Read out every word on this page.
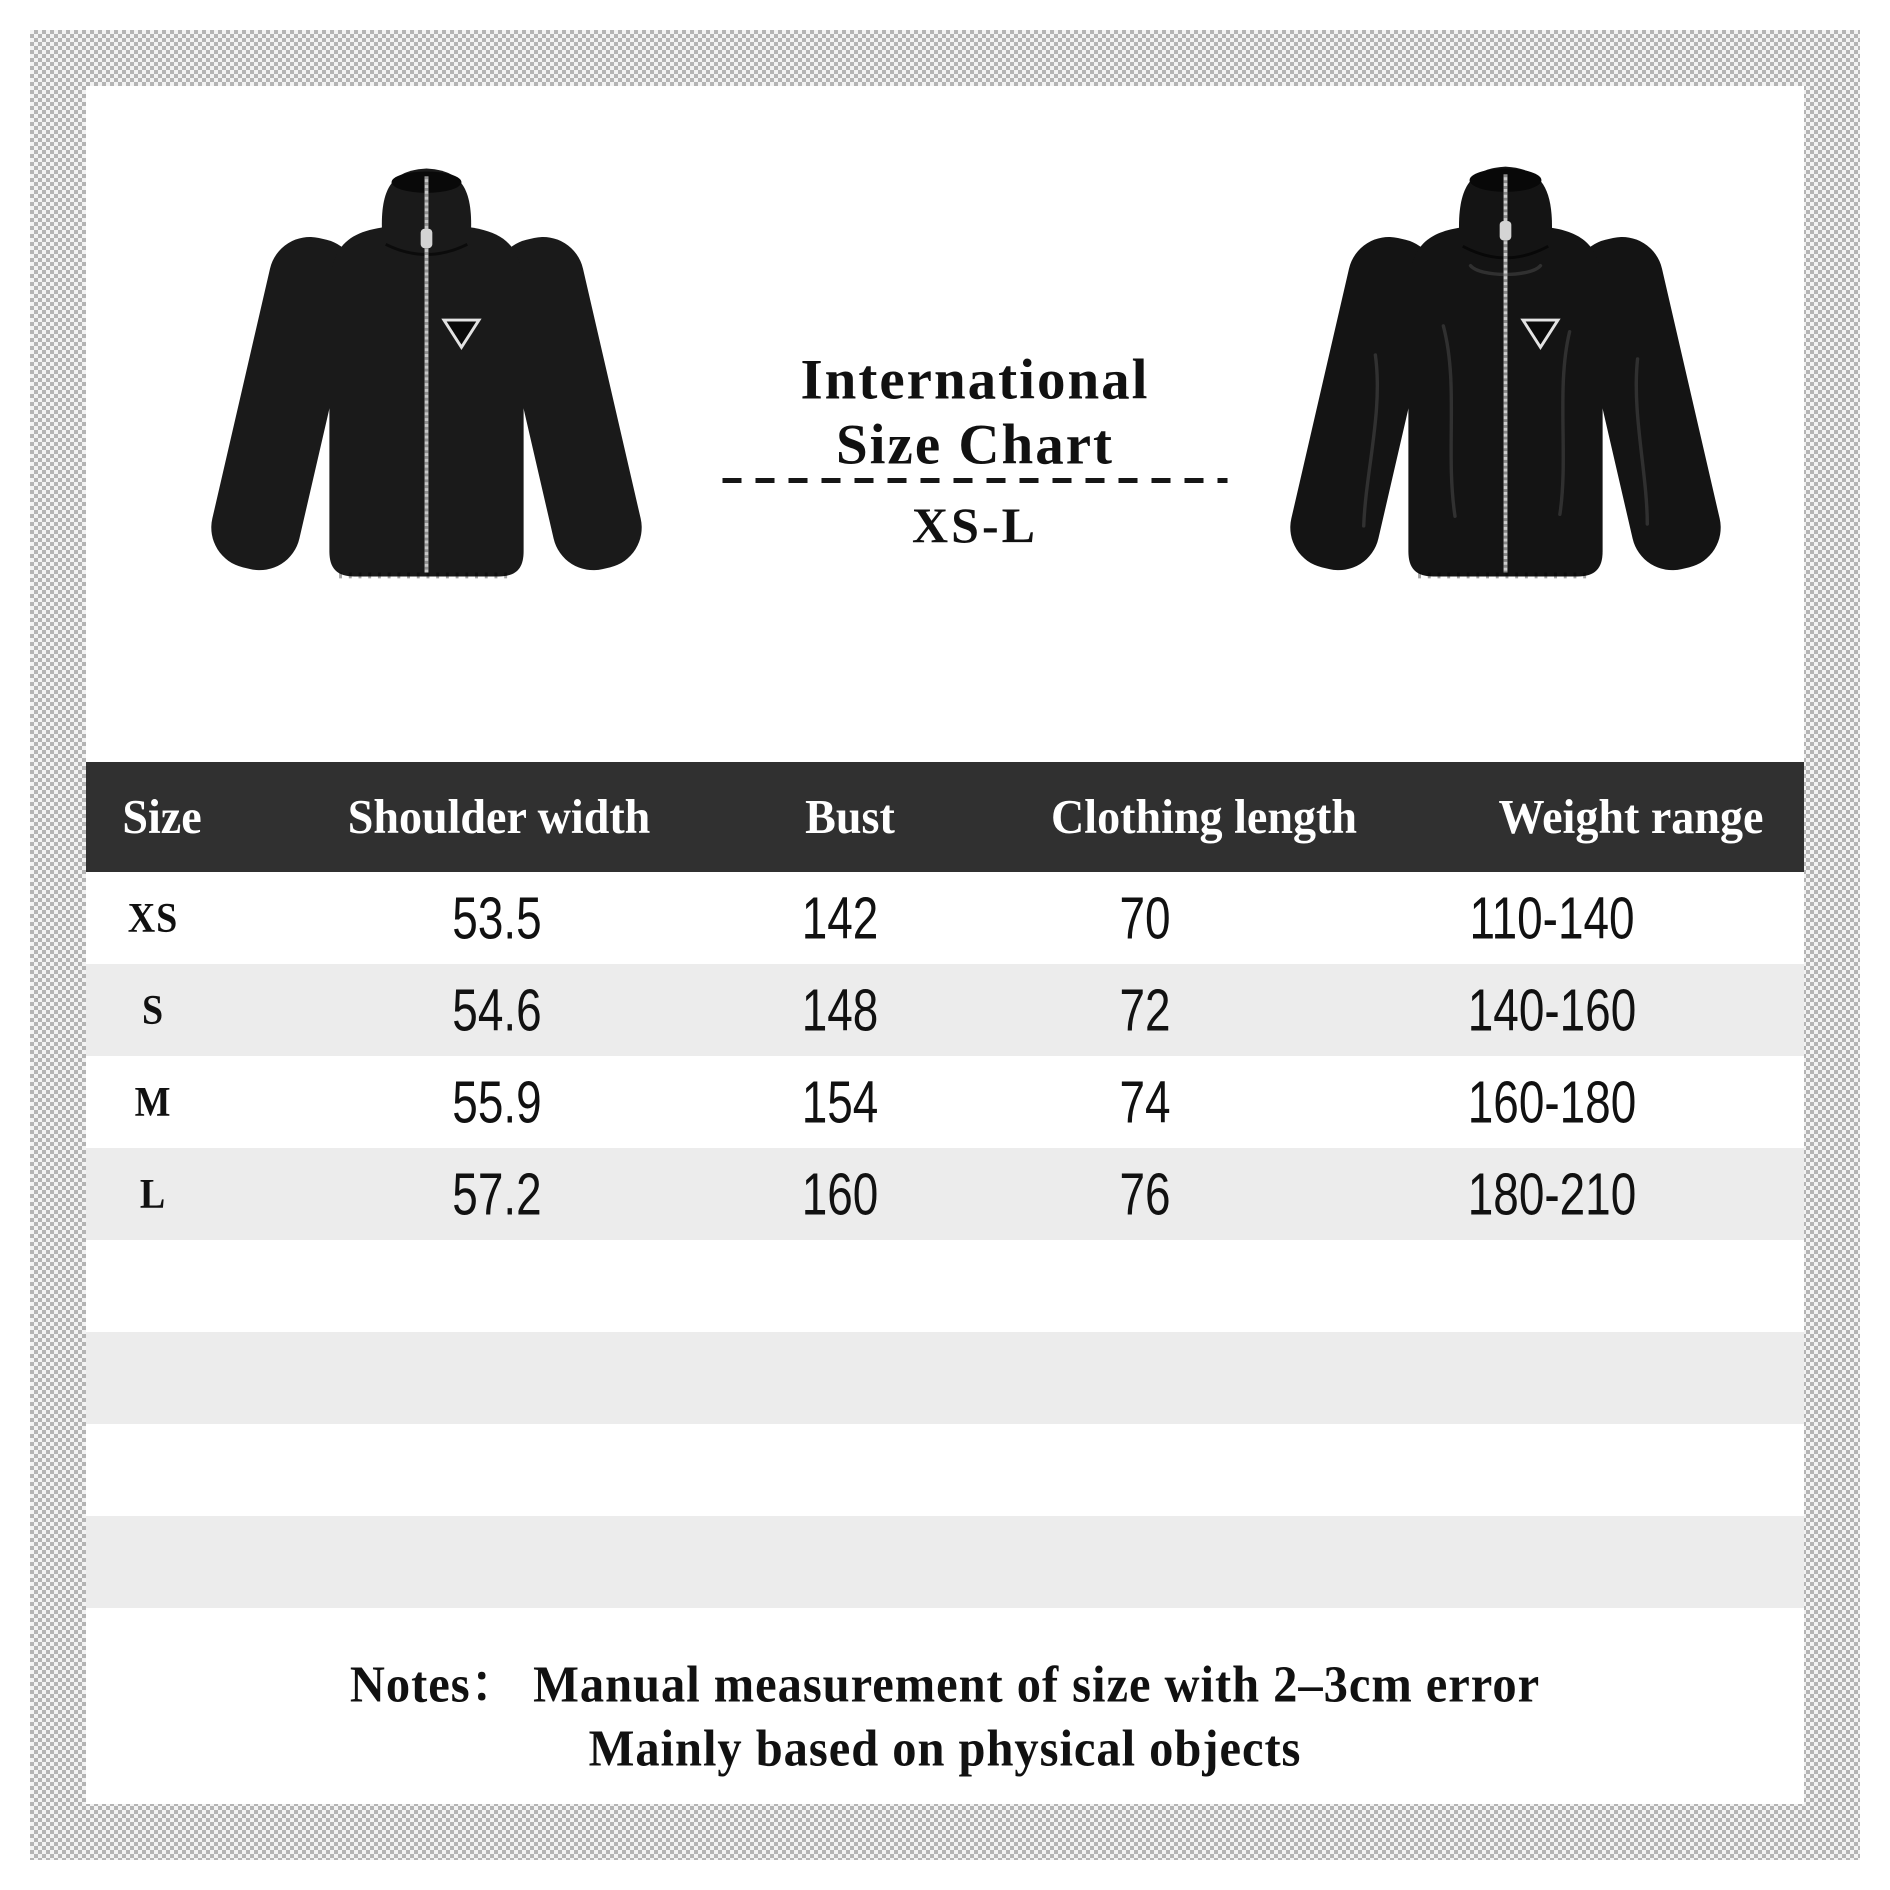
International
Size Chart
XS-L
Size	Shoulder width	Bust	Clothing length	Weight range
XS	53.5	142	70	110-140
S	54.6	148	72	140-160
M	55.9	154	74	160-180
L	57.2	160	76	180-210
Notes： Manual measurement of size with 2–3cm error
Mainly based on physical objects
